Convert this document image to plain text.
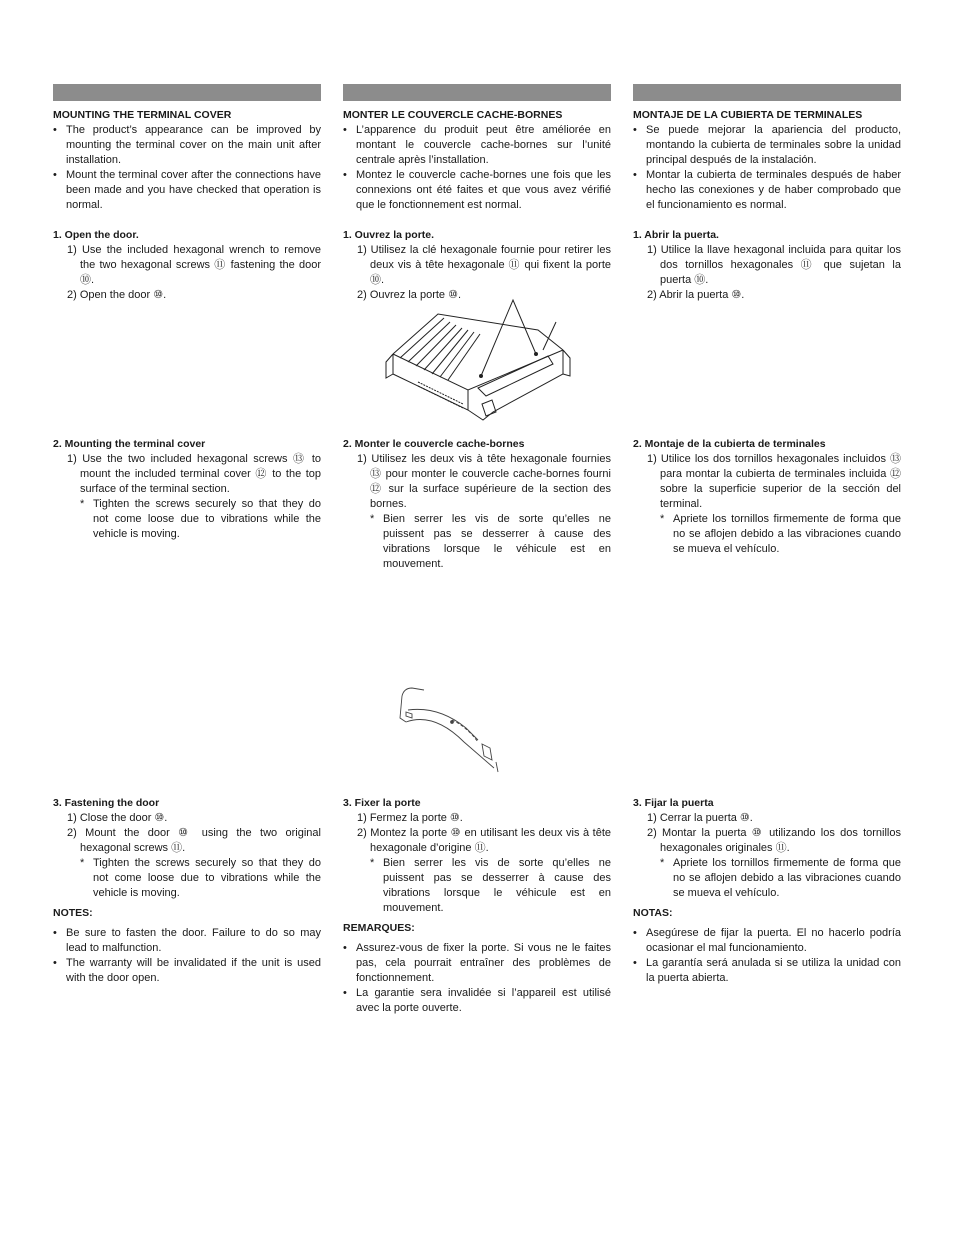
MOUNTING THE TERMINAL COVER

• The product’s appearance can be improved by mounting the terminal cover on the main unit after installation.
• Mount the terminal cover after the connections have been made and you have checked that operation is normal.

1. Open the door.

1) Use the included hexagonal wrench to remove the two hexagonal screws ⑪ fastening the door ⑩.

2) Open the door ⑩.

MONTER LE COUVERCLE CACHE-BORNES

• L’apparence du produit peut être améliorée en montant le couvercle cache-bornes sur l’unité centrale après l’installation.
• Montez le couvercle cache-bornes une fois que les connexions ont été faites et que vous avez vérifié que le fonctionnement est normal.

1. Ouvrez la porte.

1) Utilisez la clé hexagonale fournie pour retirer les deux vis à tête hexagonale ⑪ qui fixent la porte ⑩.

2) Ouvrez la porte ⑩.

MONTAJE DE LA CUBIERTA DE TERMINALES

• Se puede mejorar la apariencia del producto, montando la cubierta de terminales sobre la unidad principal después de la instalación.
• Montar la cubierta de terminales después de haber hecho las conexiones y de haber comprobado que el funcionamiento es normal.

1. Abrir la puerta.

1) Utilice la llave hexagonal incluida para quitar los dos tornillos hexagonales ⑪ que sujetan la puerta ⑩.

2) Abrir la puerta ⑩.

2. Mounting the terminal cover

1) Use the two included hexagonal screws ⑬ to mount the included terminal cover ⑫ to the top surface of the terminal section.

* Tighten the screws securely so that they do not come loose due to vibrations while the vehicle is moving.

2. Monter le couvercle cache-bornes

1) Utilisez les deux vis à tête hexagonale fournies ⑬ pour monter le couvercle cache-bornes fourni ⑫ sur la surface supérieure de la section des bornes.

* Bien serrer les vis de sorte qu’elles ne puissent pas se desserrer à cause des vibrations lorsque le véhicule est en mouvement.

2. Montaje de la cubierta de terminales

1) Utilice los dos tornillos hexagonales incluidos ⑬ para montar la cubierta de terminales incluida ⑫ sobre la superficie superior de la sección del terminal.

* Apriete los tornillos firmemente de forma que no se aflojen debido a las vibraciones cuando se mueva el vehículo.

3. Fastening the door

1) Close the door ⑩.

2) Mount the door ⑩ using the two original hexagonal screws ⑪.

* Tighten the screws securely so that they do not come loose due to vibrations while the vehicle is moving.

NOTES:

• Be sure to fasten the door. Failure to do so may lead to malfunction.
• The warranty will be invalidated if the unit is used with the door open.

3. Fixer la porte

1) Fermez la porte ⑩.

2) Montez la porte ⑩ en utilisant les deux vis à tête hexagonale d’origine ⑪.

* Bien serrer les vis de sorte qu’elles ne puissent pas se desserrer à cause des vibrations lorsque le véhicule est en mouvement.

REMARQUES:

• Assurez-vous de fixer la porte. Si vous ne le faites pas, cela pourrait entraîner des problèmes de fonctionnement.
• La garantie sera invalidée si l’appareil est utilisé avec la porte ouverte.

3. Fijar la puerta

1) Cerrar la puerta ⑩.

2) Montar la puerta ⑩ utilizando los dos tornillos hexagonales originales ⑪.

* Apriete los tornillos firmemente de forma que no se aflojen debido a las vibraciones cuando se mueva el vehículo.

NOTAS:

• Asegúrese de fijar la puerta. El no hacerlo podría ocasionar el mal funcionamiento.
• La garantía será anulada si se utiliza la unidad con la puerta abierta.
